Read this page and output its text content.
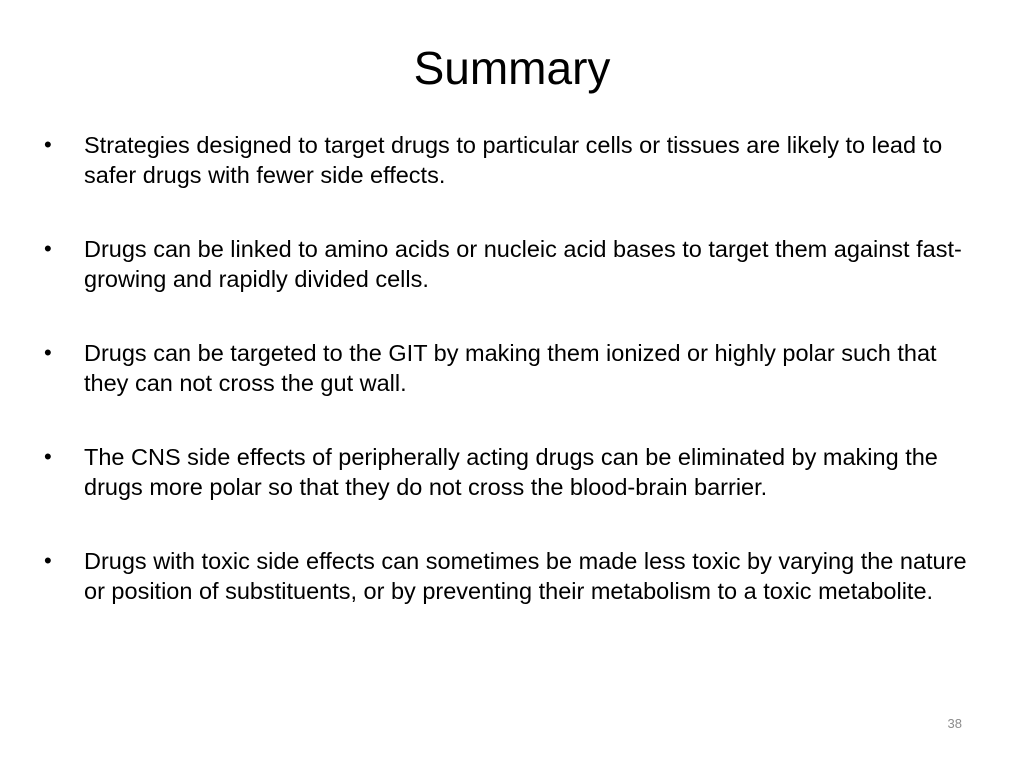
Summary
•	Strategies designed to target drugs to particular cells or tissues are likely to lead to safer drugs with fewer side effects.
•	Drugs can be linked to amino acids or nucleic acid bases to target them against fast-growing and rapidly divided cells.
•	Drugs can be targeted to the GIT by making them ionized or highly polar such that they can not cross the gut wall.
•	The CNS side effects of peripherally acting drugs can be eliminated by making the drugs more polar so that they do not cross the blood-brain barrier.
•	Drugs with toxic side effects can sometimes be made less toxic by varying the nature or position of substituents, or by preventing their metabolism to a toxic metabolite.
38
